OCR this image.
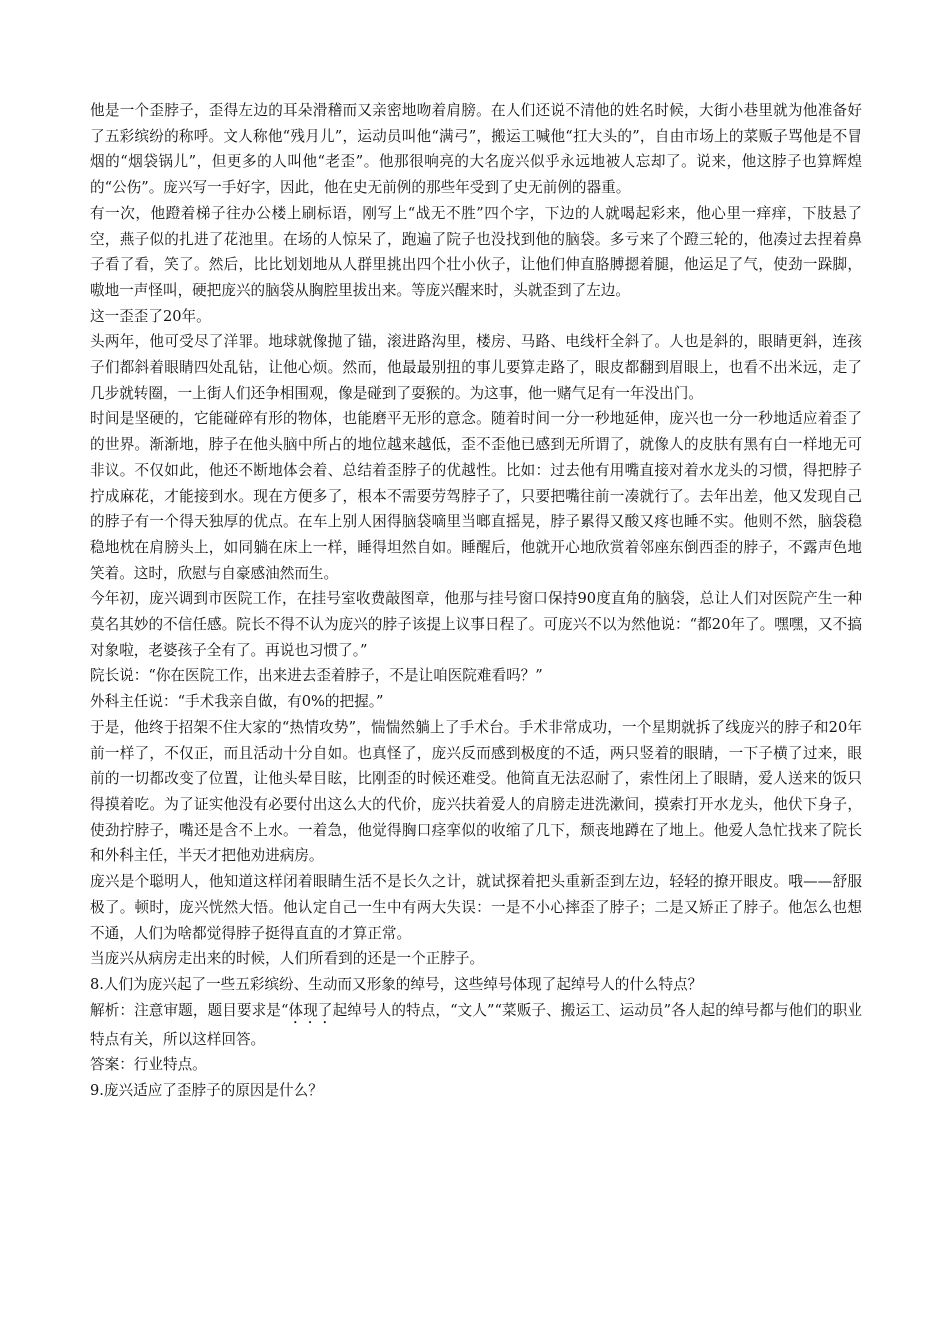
他是一个歪脖子，歪得左边的耳朵滑稽而又亲密地吻着肩膀。在人们还说不清他的姓名时候，大街小巷里就为他准备好了五彩缤纷的称呼。文人称他“残月儿”，运动员叫他“满弓”，搬运工喊他“扛大头的”，自由市场上的菜贩子骂他是不冒烟的“烟袋锅儿”，但更多的人叫他“老歪”。他那很响亮的大名庞兴似乎永远地被人忘却了。说来，他这脖子也算辉煌的“公伤”。庞兴写一手好字，因此，他在史无前例的那些年受到了史无前例的器重。

有一次，他蹬着梯子往办公楼上刷标语，刚写上“战无不胜”四个字，下边的人就喝起彩来，他心里一痒痒，下肢悬了空，燕子似的扎进了花池里。在场的人惊呆了，跑遍了院子也没找到他的脑袋。多亏来了个蹬三轮的，他凑过去捏着鼻子看了看，笑了。然后，比比划划地从人群里挑出四个壮小伙子，让他们伸直胳膊摁着腿，他运足了气，使劲一跺脚，嗷地一声怪叫，硬把庞兴的脑袋从胸腔里拔出来。等庞兴醒来时，头就歪到了左边。

这一歪歪了20年。

头两年，他可受尽了洋罪。地球就像抛了锚，滚进路沟里，楼房、马路、电线杆全斜了。人也是斜的，眼睛更斜，连孩子们都斜着眼睛四处乱钻，让他心烦。然而，他最最别扭的事儿要算走路了，眼皮都翻到眉眼上，也看不出米远，走了几步就转圈，一上街人们还争相围观，像是碰到了耍猴的。为这事，他一赌气足有一年没出门。

时间是坚硬的，它能碰碎有形的物体，也能磨平无形的意念。随着时间一分一秒地延伸，庞兴也一分一秒地适应着歪了的世界。渐渐地，脖子在他头脑中所占的地位越来越低，歪不歪他已感到无所谓了，就像人的皮肤有黑有白一样地无可非议。不仅如此，他还不断地体会着、总结着歪脖子的优越性。比如：过去他有用嘴直接对着水龙头的习惯，得把脖子拧成麻花，才能接到水。现在方便多了，根本不需要劳驾脖子了，只要把嘴往前一凑就行了。去年出差，他又发现自己的脖子有一个得天独厚的优点。在车上别人困得脑袋嘀里当啷直摇晃，脖子累得又酸又疼也睡不实。他则不然，脑袋稳稳地枕在肩膀头上，如同躺在床上一样，睡得坦然自如。睡醒后，他就开心地欣赏着邻座东倒西歪的脖子，不露声色地笑着。这时，欣慰与自豪感油然而生。

今年初，庞兴调到市医院工作，在挂号室收费敲图章，他那与挂号窗口保持90度直角的脑袋，总让人们对医院产生一种莫名其妙的不信任感。院长不得不认为庞兴的脖子该提上议事日程了。可庞兴不以为然他说：“都20年了。嘿嘿，又不搞对象啦，老婆孩子全有了。再说也习惯了。”

院长说：“你在医院工作，出来进去歪着脖子，不是让咱医院难看吗？”

外科主任说：“手术我亲自做，有0%的把握。”

于是，他终于招架不住大家的“热情攻势”，惴惴然躺上了手术台。手术非常成功，一个星期就拆了线庞兴的脖子和20年前一样了，不仅正，而且活动十分自如。也真怪了，庞兴反而感到极度的不适，两只竖着的眼睛，一下子横了过来，眼前的一切都改变了位置，让他头晕目眩，比刚歪的时候还难受。他简直无法忍耐了，索性闭上了眼睛，爱人送来的饭只得摸着吃。为了证实他没有必要付出这么大的代价，庞兴扶着爱人的肩膀走进洗漱间，摸索打开水龙头，他伏下身子，使劲拧脖子，嘴还是含不上水。一着急，他觉得胸口痉挛似的收缩了几下，颓丧地蹲在了地上。他爱人急忙找来了院长和外科主任，半天才把他劝进病房。

庞兴是个聪明人，他知道这样闭着眼睛生活不是长久之计，就试探着把头重新歪到左边，轻轻的撩开眼皮。哦——舒服极了。顿时，庞兴恍然大悟。他认定自己一生中有两大失误：一是不小心摔歪了脖子；二是又矫正了脖子。他怎么也想不通，人们为啥都觉得脖子挺得直直的才算正常。

当庞兴从病房走出来的时候，人们所看到的还是一个正脖子。

8.人们为庞兴起了一些五彩缤纷、生动而又形象的绰号，这些绰号体现了起绰号人的什么特点？

解析：注意审题，题目要求是“体现了起绰号人的特点，“文人”“菜贩子、搬运工、运动员”各人起的绰号都与他们的职业特点有关，所以这样回答。

答案：行业特点。

9.庞兴适应了歪脖子的原因是什么？
